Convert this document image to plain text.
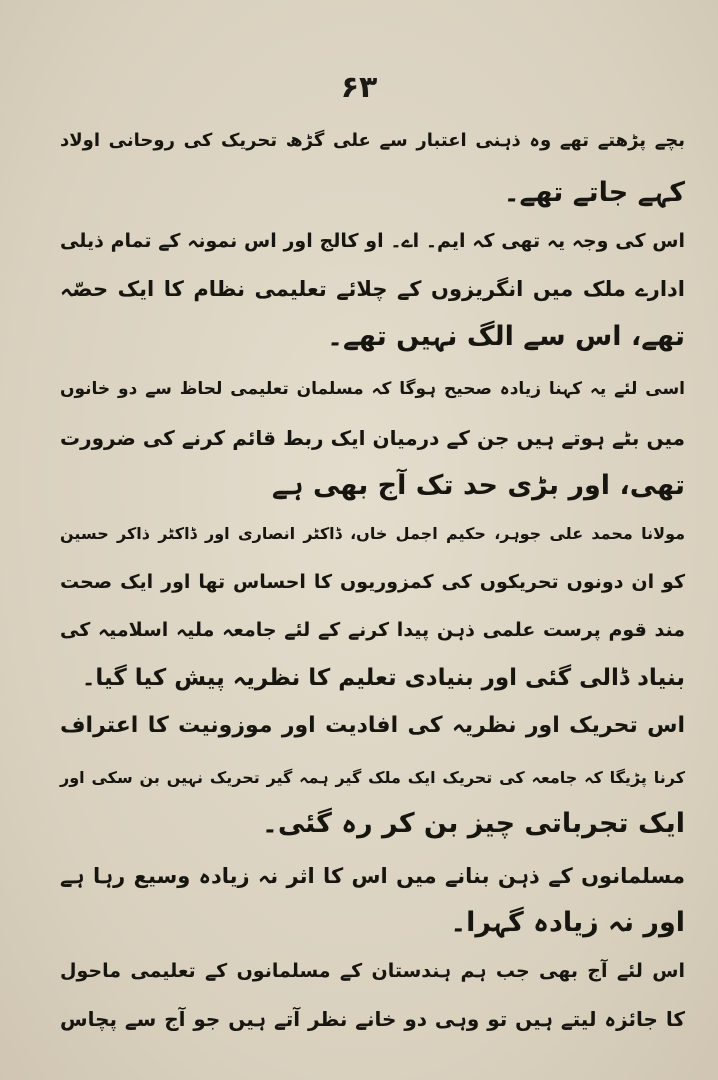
۶۳
بچے پڑھتے تھے وہ ذہنی اعتبار سے علی گڑھ تحریک کی روحانی اولاد
کہے جاتے تھے۔
اس کی وجہ یہ تھی کہ ایم۔ اے۔ او کالج اور اس نمونہ کے تمام ذیلی
ادارے ملک میں انگریزوں کے چلائے تعلیمی نظام کا ایک حصّہ
تھے، اس سے الگ نہیں تھے۔
اسی لئے یہ کہنا زیادہ صحیح ہوگا کہ مسلمان تعلیمی لحاظ سے دو خانوں
میں بٹے ہوتے ہیں جن کے درمیان ایک ربط قائم کرنے کی ضرورت
تھی، اور بڑی حد تک آج بھی ہے
مولانا محمد علی جوہر، حکیم اجمل خاں، ڈاکٹر انصاری اور ڈاکٹر ذاکر حسین
کو ان دونوں تحریکوں کی کمزوریوں کا احساس تھا اور ایک صحت
مند قوم پرست علمی ذہن پیدا کرنے کے لئے جامعہ ملیہ اسلامیہ کی
بنیاد ڈالی گئی اور بنیادی تعلیم کا نظریہ پیش کیا گیا۔
اس تحریک اور نظریہ کی افادیت اور موزونیت کا اعتراف
کرنا پڑیگا کہ جامعہ کی تحریک ایک ملک گیر ہمہ گیر تحریک نہیں بن سکی اور
ایک تجرباتی چیز بن کر رہ گئی۔
مسلمانوں کے ذہن بنانے میں اس کا اثر نہ زیادہ وسیع رہا ہے
اور نہ زیادہ گہرا۔
اس لئے آج بھی جب ہم ہندستان کے مسلمانوں کے تعلیمی ماحول
کا جائزہ لیتے ہیں تو وہی دو خانے نظر آتے ہیں جو آج سے پچاس
